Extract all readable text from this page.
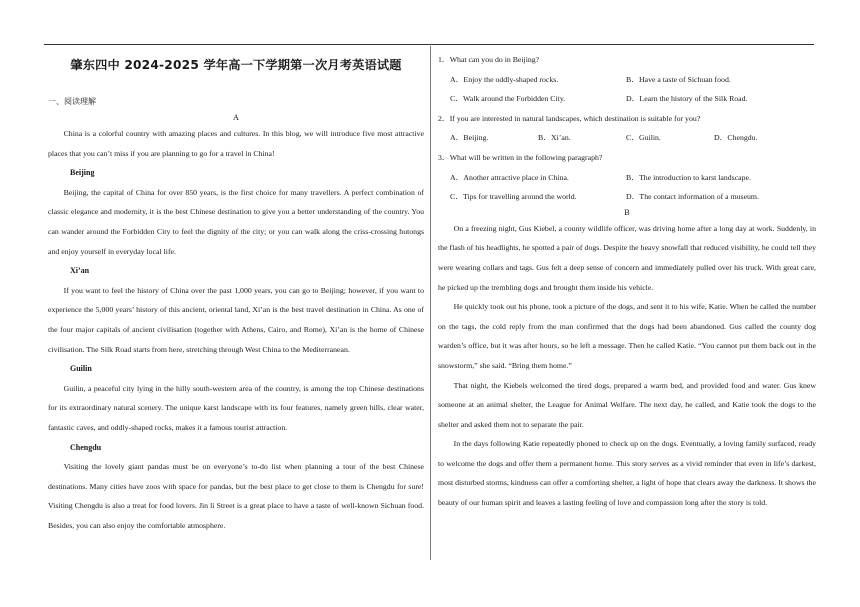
肇东四中 2024-2025 学年高一下学期第一次月考英语试题
一、阅读理解
A

China is a colorful country with amazing places and cultures. In this blog, we will introduce five most attractive places that you can’t miss if you are planning to go for a travel in China!

Beijing

Beijing, the capital of China for over 850 years, is the first choice for many travellers. A perfect combination of classic elegance and modernity, it is the best Chinese destination to give you a better understanding of the country. You can wander around the Forbidden City to feel the dignity of the city; or you can walk along the criss-crossing hutongs and enjoy yourself in everyday local life.

Xi’an

If you want to feel the history of China over the past 1,000 years, you can go to Beijing; however, if you want to experience the 5,000 years’ history of this ancient, oriental land, Xi’an is the best travel destination in China. As one of the four major capitals of ancient civilisation (together with Athens, Cairo, and Rome), Xi’an is the home of Chinese civilisation. The Silk Road starts from here, stretching through West China to the Mediterranean.

Guilin

Guilin, a peaceful city lying in the hilly south-western area of the country, is among the top Chinese destinations for its extraordinary natural scenery. The unique karst landscape with its four features, namely green hills, clear water, fantastic caves, and oddly-shaped rocks, makes it a famous tourist attraction.

Chengdu

Visiting the lovely giant pandas must be on everyone’s to-do list when planning a tour of the best Chinese destinations. Many cities have zoos with space for pandas, but the best place to get close to them is Chengdu for sure! Visiting Chengdu is also a treat for food lovers. Jin li Street is a great place to have a taste of well-known Sichuan food. Besides, you can also enjoy the comfortable atmosphere.

1．What can you do in Beijing?

A．Enjoy the oddly-shaped rocks.	B．Have a taste of Sichuan food.
C．Walk around the Forbidden City.	D．Learn the history of the Silk Road.

2．If you are interested in natural landscapes, which destination is suitable for you?

A．Beijing.	B．Xi’an.	C．Guilin.	D．Chengdu.

3．What will be written in the following paragraph?

A．Another attractive place in China.	B．The introduction to karst landscape.
C．Tips for travelling around the world.	D．The contact information of a museum.
B

On a freezing night, Gus Kiebel, a county wildlife officer, was driving home after a long day at work. Suddenly, in the flash of his headlights, he spotted a pair of dogs. Despite the heavy snowfall that reduced visibility, he could tell they were wearing collars and tags. Gus felt a deep sense of concern and immediately pulled over his truck. With great care, he picked up the trembling dogs and brought them inside his vehicle.

He quickly took out his phone, took a picture of the dogs, and sent it to his wife, Katie. When he called the number on the tags, the cold reply from the man confirmed that the dogs had been abandoned. Gus called the county dog warden’s office, but it was after hours, so he left a message. Then he called Katie. “You cannot put them back out in the snowstorm,” she said. “Bring them home.”

That night, the Kiebels welcomed the tired dogs, prepared a warm bed, and provided food and water. Gus knew someone at an animal shelter, the League for Animal Welfare. The next day, he called, and Katie took the dogs to the shelter and asked them not to separate the pair.

In the days following Katie repeatedly phoned to check up on the dogs. Eventually, a loving family surfaced, ready to welcome the dogs and offer them a permanent home. This story serves as a vivid reminder that even in life’s darkest, most disturbed storms, kindness can offer a comforting shelter, a light of hope that clears away the darkness. It shows the beauty of our human spirit and leaves a lasting feeling of love and compassion long after the story is told.
